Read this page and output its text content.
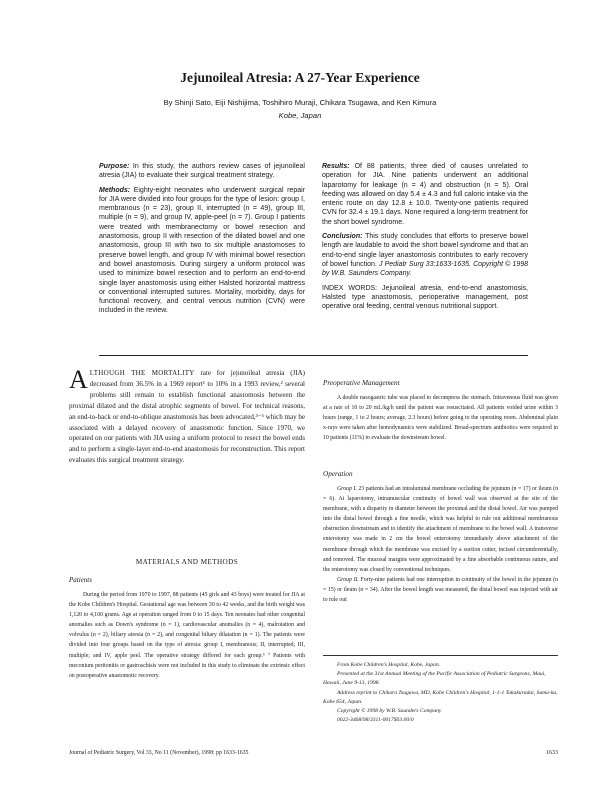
Jejunoileal Atresia: A 27-Year Experience
By Shinji Sato, Eiji Nishijima, Toshihiro Muraji, Chikara Tsugawa, and Ken Kimura
Kobe, Japan

Purpose: In this study, the authors review cases of jejunoileal atresia (JIA) to evaluate their surgical treatment strategy.

Methods: Eighty-eight neonates who underwent surgical repair for JIA were divided into four groups for the type of lesion: group I, membranous (n = 23), group II, interrupted (n = 49), group III, multiple (n = 9), and group IV, apple-peel (n = 7). Group I patients were treated with membranectomy or bowel resection and anastomosis, group II with resection of the dilated bowel and one anastomosis, group III with two to six multiple anastomoses to preserve bowel length, and group IV with minimal bowel resection and bowel anastomosis. During surgery a uniform protocol was used to minimize bowel resection and to perform an end-to-end single layer anastomosis using either Halsted horizontal mattress or conventional interrupted sutures. Mortality, morbidity, days for functional recovery, and central venous nutrition (CVN) were included in the review.

Results: Of 88 patients, three died of causes unrelated to operation for JIA. Nine patients underwent an additional laparotomy for leakage (n = 4) and obstruction (n = 5). Oral feeding was allowed on day 5.4 ± 4.3 and full caloric intake via the enteric route on day 12.8 ± 10.0. Twenty-one patients required CVN for 32.4 ± 19.1 days. None required a long-term treatment for the short bowel syndrome.

Conclusion: This study concludes that efforts to preserve bowel length are laudable to avoid the short bowel syndrome and that an end-to-end single layer anastomosis contributes to early recovery of bowel function. J Pediatr Surg 33:1633-1635. Copyright © 1998 by W.B. Saunders Company.

INDEX WORDS: Jejunoileal atresia, end-to-end anastomosis, Halsted type anastomosis, perioperative management, post operative oral feeding, central venous nutritional support.

ALTHOUGH THE MORTALITY rate for jejunoileal atresia (JIA) decreased from 36.5% in a 1969 report¹ to 10% in a 1993 review,² several problems still remain to establish functional anastomosis between the proximal dilated and the distal atrophic segments of bowel. For technical reasons, an end-to-back or end-to-oblique anastomosis has been advocated,³⁻⁵ which may be associated with a delayed recovery of anastomotic function. Since 1970, we operated on our patients with JIA using a uniform protocol to resect the bowel ends and to perform a single-layer end-to-end anastomosis for reconstruction. This report evaluates this surgical treatment strategy.
MATERIALS AND METHODS
Patients

During the period from 1970 to 1997, 88 patients (45 girls and 43 boys) were treated for JIA at the Kobe Children's Hospital. Gestational age was between 30 to 42 weeks, and the birth weight was 1,120 to 4,100 grams. Age at operation ranged from 0 to 15 days. Ten neonates had other congenital anomalies such as Down's syndrome (n = 1), cardiovascular anomalies (n = 4), malrotation and volvulus (n = 2), biliary atresia (n = 2), and congenital biliary dilatation (n = 1). The patients were divided into four groups based on the type of atresia: group I, membranous; II, interrupted; III, multiple; and IV, apple peel. The operative strategy differed for each group.⁶ ⁷ Patients with meconium peritonitis or gastroschisis were not included in this study to eliminate the extrinsic effect on postoperative anastomotic recovery.

Preoperative Management

A double nasogastric tube was placed to decompress the stomach. Intravenous fluid was given at a rate of 10 to 20 mL/kg/h until the patient was resuscitated. All patients voided urine within 3 hours (range, 1 to 2 hours; average, 2.3 hours) before going to the operating room. Abdominal plain x-rays were taken after hemodynamics were stabilized. Broad-spectrum antibiotics were required in 10 patients (11%) to evaluate the downstream bowel.

Operation

Group I. 23 patients had an intraluminal membrane occluding the jejunum (n = 17) or ileum (n = 6). At laparotomy, intramuscular continuity of bowel wall was observed at the site of the membrane, with a disparity in diameter between the proximal and the distal bowel. Air was pumped into the distal bowel through a fine needle, which was helpful to rule out additional membranous obstruction downstream and to identify the attachment of membrane to the bowel wall. A transverse enterotomy was made in 2 cm the bowel enterotomy immediately above attachment of the membrane through which the membrane was excised by a suction cutter, incised circumferentially, and removed. The mucosal margins were approximated by a fine absorbable continuous suture, and the enterotomy was closed by conventional techniques.

Group II. Forty-nine patients had one interruption in continuity of the bowel in the jejunum (n = 15) or ileum (n = 34). After the bowel length was measured, the distal bowel was injected with air to rule out

From Kobe Children's Hospital, Kobe, Japan.

Presented at the 31st Annual Meeting of the Pacific Association of Pediatric Surgeons, Maui, Hawaii, June 9-13, 1998.

Address reprint to Chikara Tsugawa, MD, Kobe Children's Hospital, 1-1-1 Takakuradai, Suma-ku, Kobe 654, Japan.

Copyright © 1998 by W.B. Saunders Company

0022-3468/98/3311-0017$03.00/0

Journal of Pediatric Surgery, Vol 33, No 11 (November), 1998: pp 1633-1635	1633
